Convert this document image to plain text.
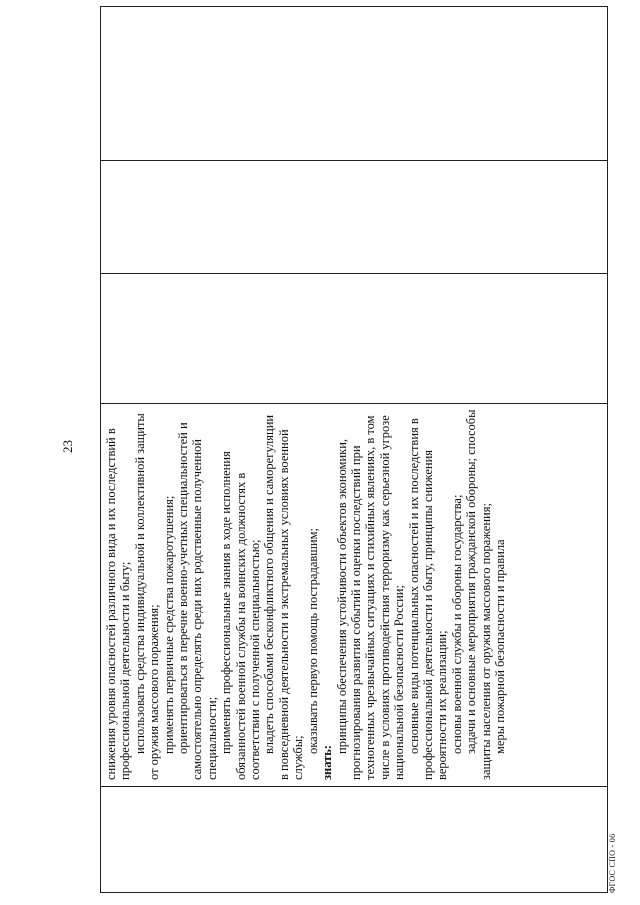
23 снижения уровня опасностей различного вида и их последствий в профессиональной деятельности и быту; использовать средства индивидуальной и коллективной защиты от оружия массового поражения; применять первичные средства пожаротушения; ориентироваться в перечне военно-учетных специальностей и самостоятельно определять среди них родственные полученной специальности; применять профессиональные знания в ходе исполнения обязанностей военной службы на воинских должностях в соответствии с полученной специальностью; владеть способами бесконфликтного общения и саморегуляции в повседневной деятельности и экстремальных условиях военной службы;

оказывать первую помощь пострадавшим;

знать:

принципы обеспечения устойчивости объектов экономики, прогнозирования развития событий и оценки последствий при техногенных чрезвычайных ситуациях и стихийных явлениях, в том числе в условиях противодействия терроризму как серьезной угрозе национальной безопасности России; основные виды потенциальных опасностей и их последствия в профессиональной деятельности и быту, принципы снижения вероятности их реализации; основы военной службы и обороны государства; задачи и основные мероприятия гражданской обороны; способы защиты населения от оружия массового поражения; меры пожарной безопасности и правила

ФГОС СПО - 06
